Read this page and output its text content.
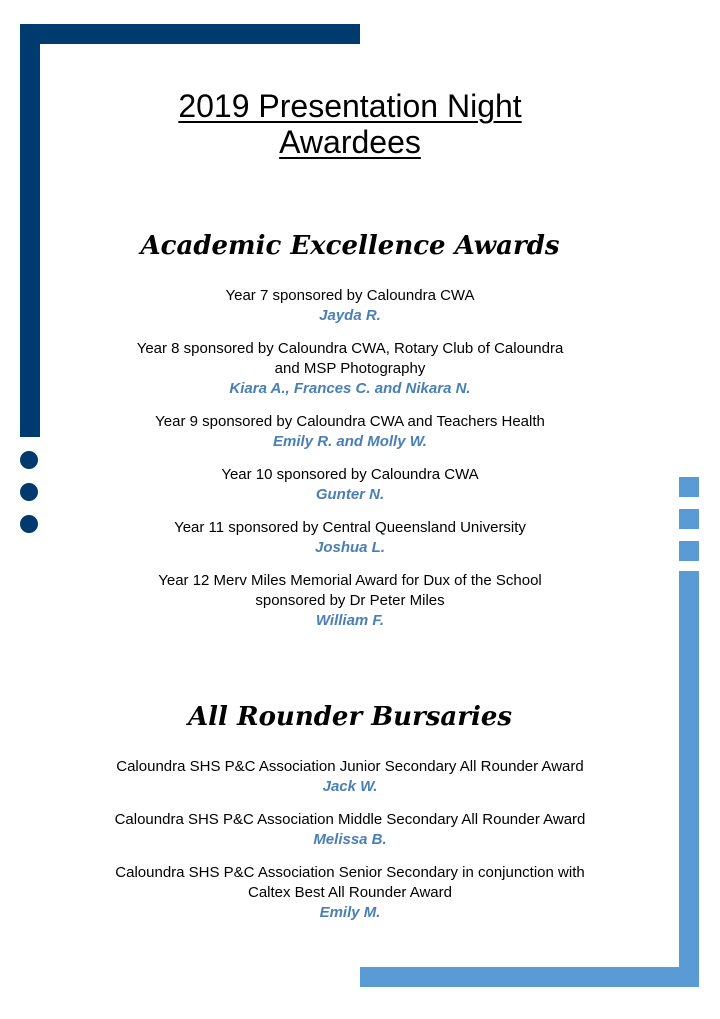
2019 Presentation Night
Awardees
Academic Excellence Awards
Year 7 sponsored by Caloundra CWA
Jayda R.
Year 8 sponsored by Caloundra CWA, Rotary Club of Caloundra
and MSP Photography
Kiara A., Frances C. and Nikara N.
Year 9 sponsored by Caloundra CWA and Teachers Health
Emily R. and Molly W.
Year 10 sponsored by Caloundra CWA
Gunter N.
Year 11 sponsored by Central Queensland University
Joshua L.
Year 12 Merv Miles Memorial Award for Dux of the School
sponsored by Dr Peter Miles
William F.
All Rounder Bursaries
Caloundra SHS P&C Association Junior Secondary All Rounder Award
Jack W.
Caloundra SHS P&C Association Middle Secondary All Rounder Award
Melissa B.
Caloundra SHS P&C Association Senior Secondary in conjunction with
Caltex Best All Rounder Award
Emily M.
